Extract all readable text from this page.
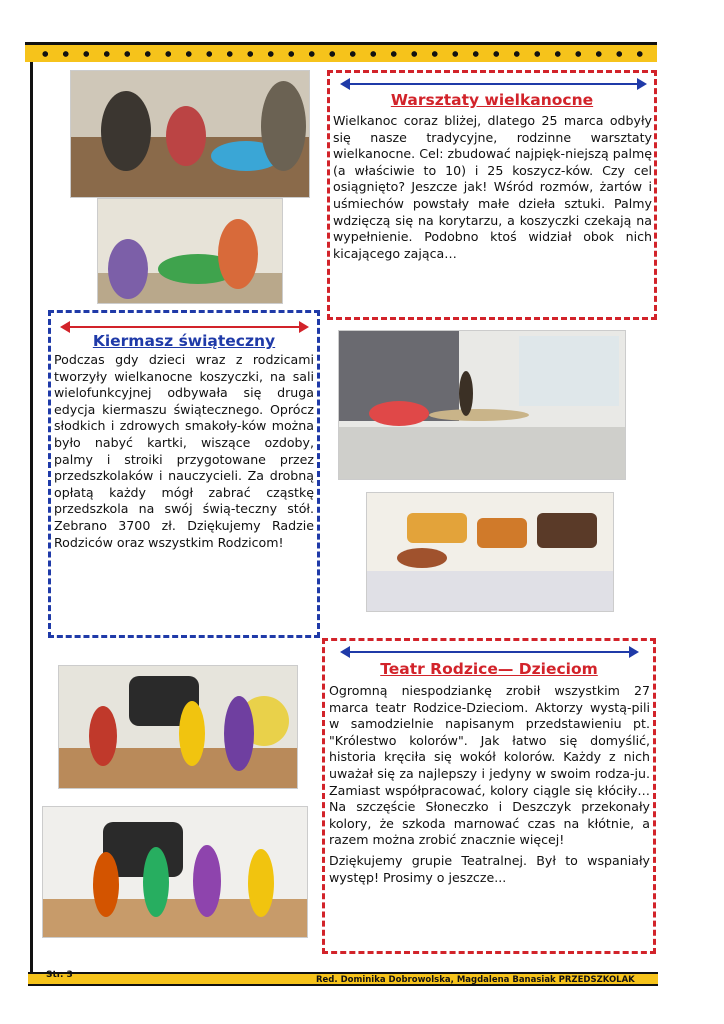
Warsztaty wielkanocne
Wielkanoc coraz bliżej, dlatego 25 marca odbyły się nasze tradycyjne, rodzinne warsztaty wielkanocne. Cel: zbudować najpięk-niejszą palmę (a właściwie to 10) i 25 koszycz-ków. Czy cel osiągnięto? Jeszcze jak! Wśród rozmów, żartów i uśmiechów powstały małe dzieła sztuki. Palmy wdzięczą się na korytarzu, a koszyczki czekają na wypełnienie. Podobno ktoś widział obok nich kicającego zająca…
Kiermasz świąteczny
Podczas gdy dzieci wraz z rodzicami tworzyły wielkanocne koszyczki, na sali wielofunkcyjnej odbywała się druga edycja kiermaszu świątecznego. Oprócz słodkich i zdrowych smakoły-ków można było nabyć kartki, wiszące ozdoby, palmy i stroiki przygotowane przez przedszkolaków i nauczycieli. Za drobną opłatą każdy mógł zabrać cząstkę przedszkola na swój świą-teczny stół. Zebrano 3700 zł. Dziękujemy Radzie Rodziców oraz wszystkim Rodzicom!
Teatr Rodzice— Dzieciom

Ogromną niespodziankę zrobił wszystkim 27 marca teatr Rodzice-Dzieciom. Aktorzy wystą-pili w samodzielnie napisanym przedstawieniu pt. "Królestwo kolorów". Jak łatwo się domyślić, historia kręciła się wokół kolorów. Każdy z nich uważał się za najlepszy i jedyny w swoim rodza-ju. Zamiast współpracować, kolory ciągle się kłóciły… Na szczęście Słoneczko i Deszczyk przekonały kolory, że szkoda marnować czas na kłótnie, a razem można zrobić znacznie więcej!

Dziękujemy grupie Teatralnej. Był to wspaniały występ! Prosimy o jeszcze...

Str. 3	Red. Dominika Dobrowolska, Magdalena Banasiak PRZEDSZKOLAK
